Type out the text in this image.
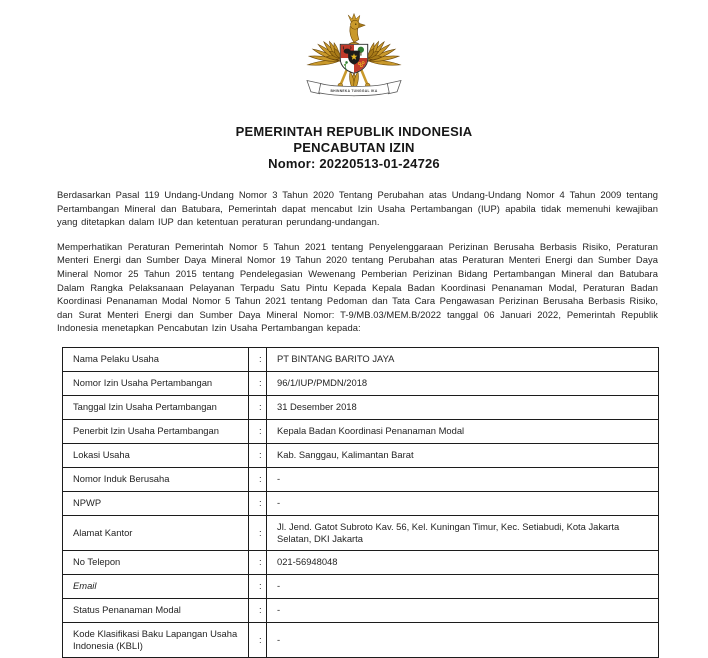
BHINNEKA TUNGGAL IKA
PEMERINTAH REPUBLIK INDONESIA
PENCABUTAN IZIN
Nomor: 20220513-01-24726

Berdasarkan Pasal 119 Undang-Undang Nomor 3 Tahun 2020 Tentang Perubahan atas Undang-Undang Nomor 4 Tahun 2009 tentang Pertambangan Mineral dan Batubara, Pemerintah dapat mencabut Izin Usaha Pertambangan (IUP) apabila tidak memenuhi kewajiban yang ditetapkan dalam IUP dan ketentuan peraturan perundang-undangan.

Memperhatikan Peraturan Pemerintah Nomor 5 Tahun 2021 tentang Penyelenggaraan Perizinan Berusaha Berbasis Risiko, Peraturan Menteri Energi dan Sumber Daya Mineral Nomor 19 Tahun 2020 tentang Perubahan atas Peraturan Menteri Energi dan Sumber Daya Mineral Nomor 25 Tahun 2015 tentang Pendelegasian Wewenang Pemberian Perizinan Bidang Pertambangan Mineral dan Batubara Dalam Rangka Pelaksanaan Pelayanan Terpadu Satu Pintu Kepada Kepala Badan Koordinasi Penanaman Modal, Peraturan Badan Koordinasi Penanaman Modal Nomor 5 Tahun 2021 tentang Pedoman dan Tata Cara Pengawasan Perizinan Berusaha Berbasis Risiko, dan Surat Menteri Energi dan Sumber Daya Mineral Nomor: T-9/MB.03/MEM.B/2022 tanggal 06 Januari 2022, Pemerintah Republik Indonesia menetapkan Pencabutan Izin Usaha Pertambangan kepada:

Nama Pelaku Usaha	:	PT BINTANG BARITO JAYA
Nomor Izin Usaha Pertambangan	:	96/1/IUP/PMDN/2018
Tanggal Izin Usaha Pertambangan	:	31 Desember 2018
Penerbit Izin Usaha Pertambangan	:	Kepala Badan Koordinasi Penanaman Modal
Lokasi Usaha	:	Kab. Sanggau, Kalimantan Barat
Nomor Induk Berusaha	:	-
NPWP	:	-
Alamat Kantor	:	Jl. Jend. Gatot Subroto Kav. 56, Kel. Kuningan Timur, Kec. Setiabudi, Kota Jakarta Selatan, DKI Jakarta
No Telepon	:	021-56948048
Email	:	-
Status Penanaman Modal	:	-
Kode Klasifikasi Baku Lapangan Usaha Indonesia (KBLI)	:	-
